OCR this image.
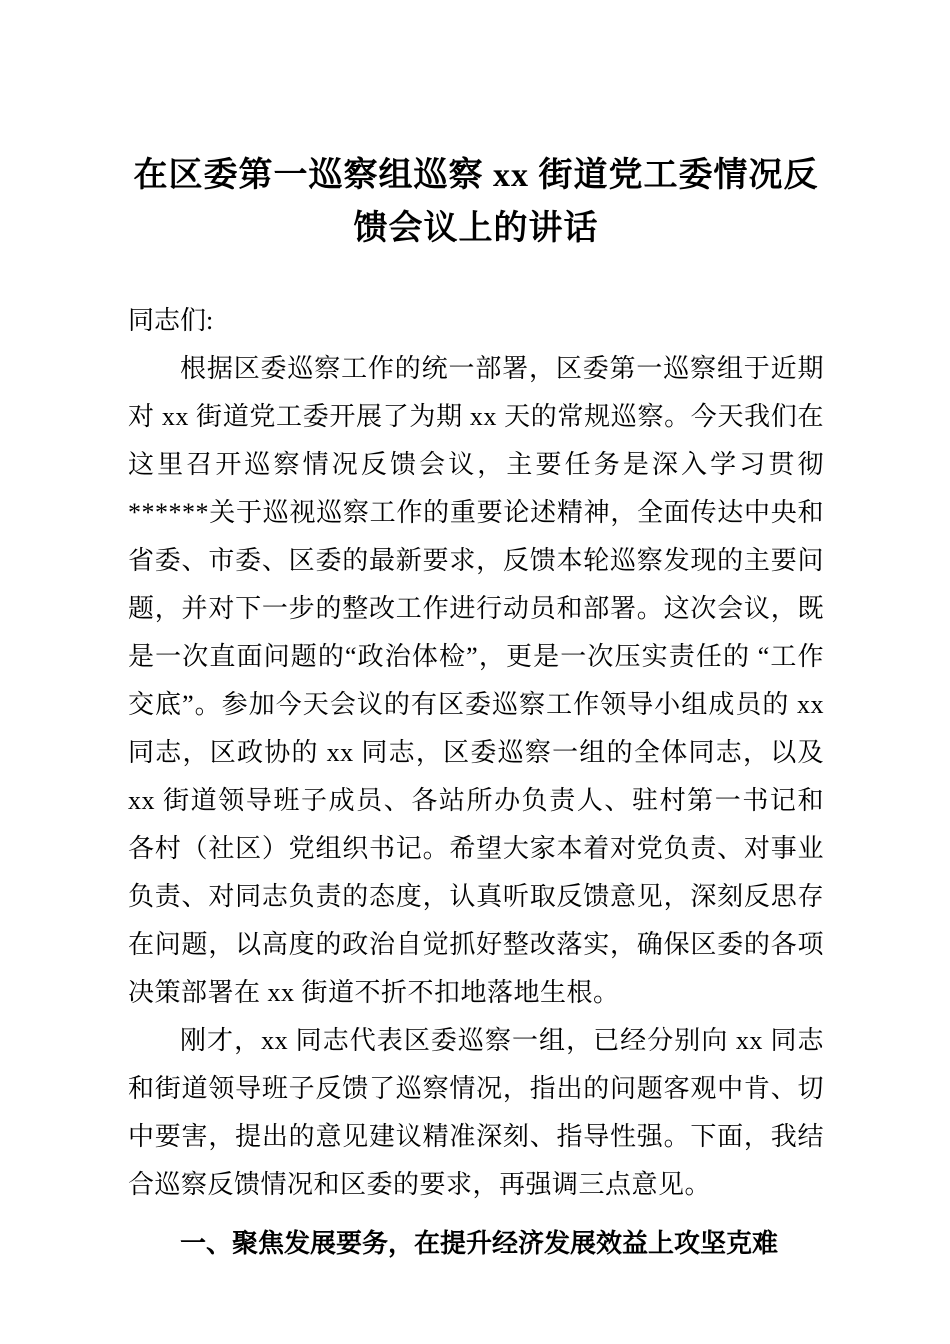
在区委第一巡察组巡察 xx 街道党工委情况反馈会议上的讲话

同志们:

根据区委巡察工作的统一部署，区委第一巡察组于近期对 xx 街道党工委开展了为期 xx 天的常规巡察。今天我们在这里召开巡察情况反馈会议，主要任务是深入学习贯彻******关于巡视巡察工作的重要论述精神，全面传达中央和省委、市委、区委的最新要求，反馈本轮巡察发现的主要问题，并对下一步的整改工作进行动员和部署。这次会议，既是一次直面问题的“政治体检”，更是一次压实责任的 “工作交底”。参加今天会议的有区委巡察工作领导小组成员的 xx 同志，区政协的 xx 同志，区委巡察一组的全体同志，以及 xx 街道领导班子成员、各站所办负责人、驻村第一书记和各村（社区）党组织书记。希望大家本着对党负责、对事业负责、对同志负责的态度，认真听取反馈意见，深刻反思存在问题，以高度的政治自觉抓好整改落实，确保区委的各项决策部署在 xx 街道不折不扣地落地生根。

刚才，xx 同志代表区委巡察一组，已经分别向 xx 同志和街道领导班子反馈了巡察情况，指出的问题客观中肯、切中要害，提出的意见建议精准深刻、指导性强。下面，我结合巡察反馈情况和区委的要求，再强调三点意见。

一、聚焦发展要务，在提升经济发展效益上攻坚克难
